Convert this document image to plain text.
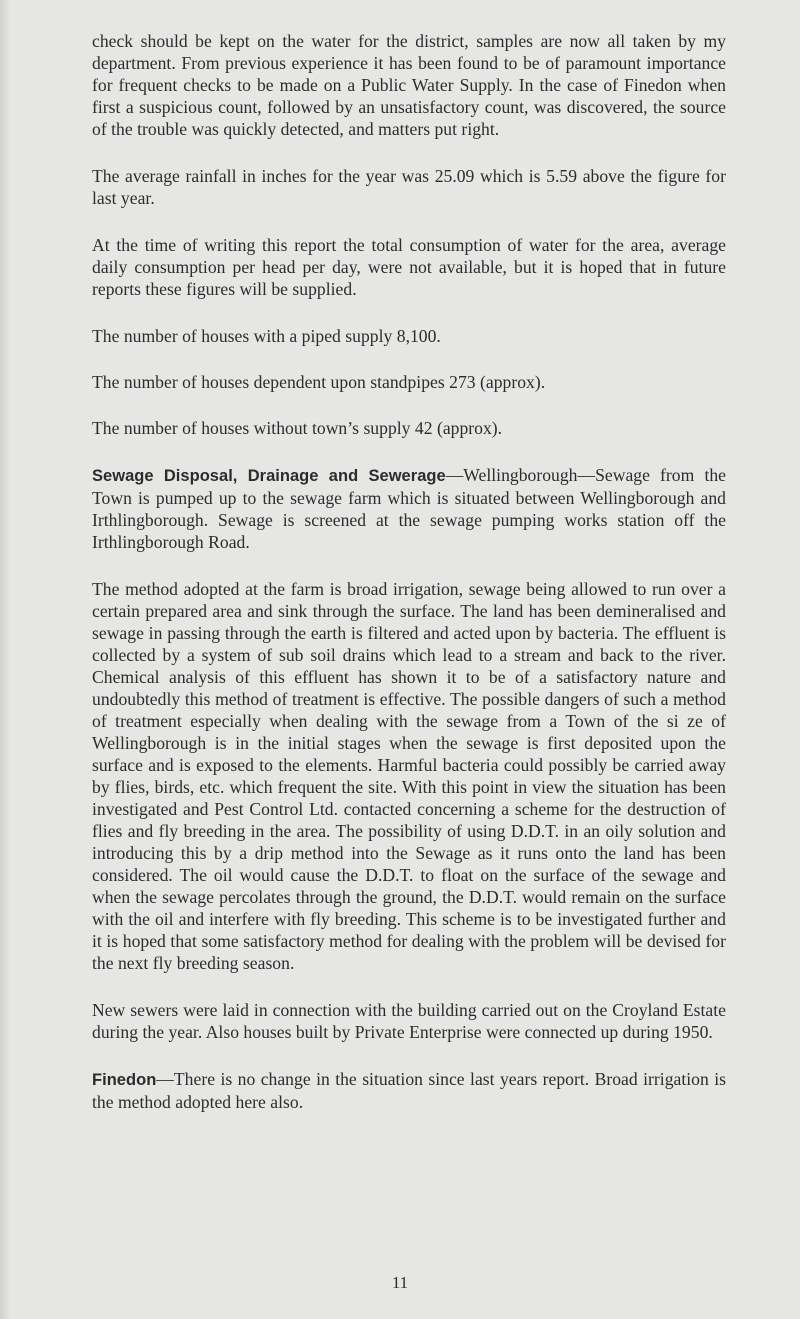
check should be kept on the water for the district, samples are now all taken by my department. From previous experience it has been found to be of paramount importance for frequent checks to be made on a Public Water Supply. In the case of Finedon when first a suspicious count, followed by an unsatisfactory count, was discovered, the source of the trouble was quickly detected, and matters put right.

The average rainfall in inches for the year was 25.09 which is 5.59 above the figure for last year.

At the time of writing this report the total consumption of water for the area, average daily consumption per head per day, were not available, but it is hoped that in future reports these figures will be supplied.

The number of houses with a piped supply 8,100.

The number of houses dependent upon standpipes 273 (approx).

The number of houses without town’s supply 42 (approx).

Sewage Disposal, Drainage and Sewerage—Wellingborough—Sewage from the Town is pumped up to the sewage farm which is situated between Wellingborough and Irthlingborough. Sewage is screened at the sewage pumping works station off the Irthlingborough Road.

The method adopted at the farm is broad irrigation, sewage being allowed to run over a certain prepared area and sink through the surface. The land has been demineralised and sewage in passing through the earth is filtered and acted upon by bacteria. The effluent is collected by a system of sub soil drains which lead to a stream and back to the river. Chemical analysis of this effluent has shown it to be of a satisfactory nature and undoubtedly this method of treatment is effective. The possible dangers of such a method of treatment especially when dealing with the sewage from a Town of the si ze of Wellingborough is in the initial stages when the sewage is first deposited upon the surface and is exposed to the elements. Harmful bacteria could possibly be carried away by flies, birds, etc. which frequent the site. With this point in view the situation has been investigated and Pest Control Ltd. contacted concerning a scheme for the destruction of flies and fly breeding in the area. The possibility of using D.D.T. in an oily solution and introducing this by a drip method into the Sewage as it runs onto the land has been considered. The oil would cause the D.D.T. to float on the surface of the sewage and when the sewage percolates through the ground, the D.D.T. would remain on the surface with the oil and interfere with fly breeding. This scheme is to be investigated further and it is hoped that some satisfactory method for dealing with the problem will be devised for the next fly breeding season.

New sewers were laid in connection with the building carried out on the Croyland Estate during the year. Also houses built by Private Enterprise were connected up during 1950.

Finedon—There is no change in the situation since last years report. Broad irrigation is the method adopted here also.

11
